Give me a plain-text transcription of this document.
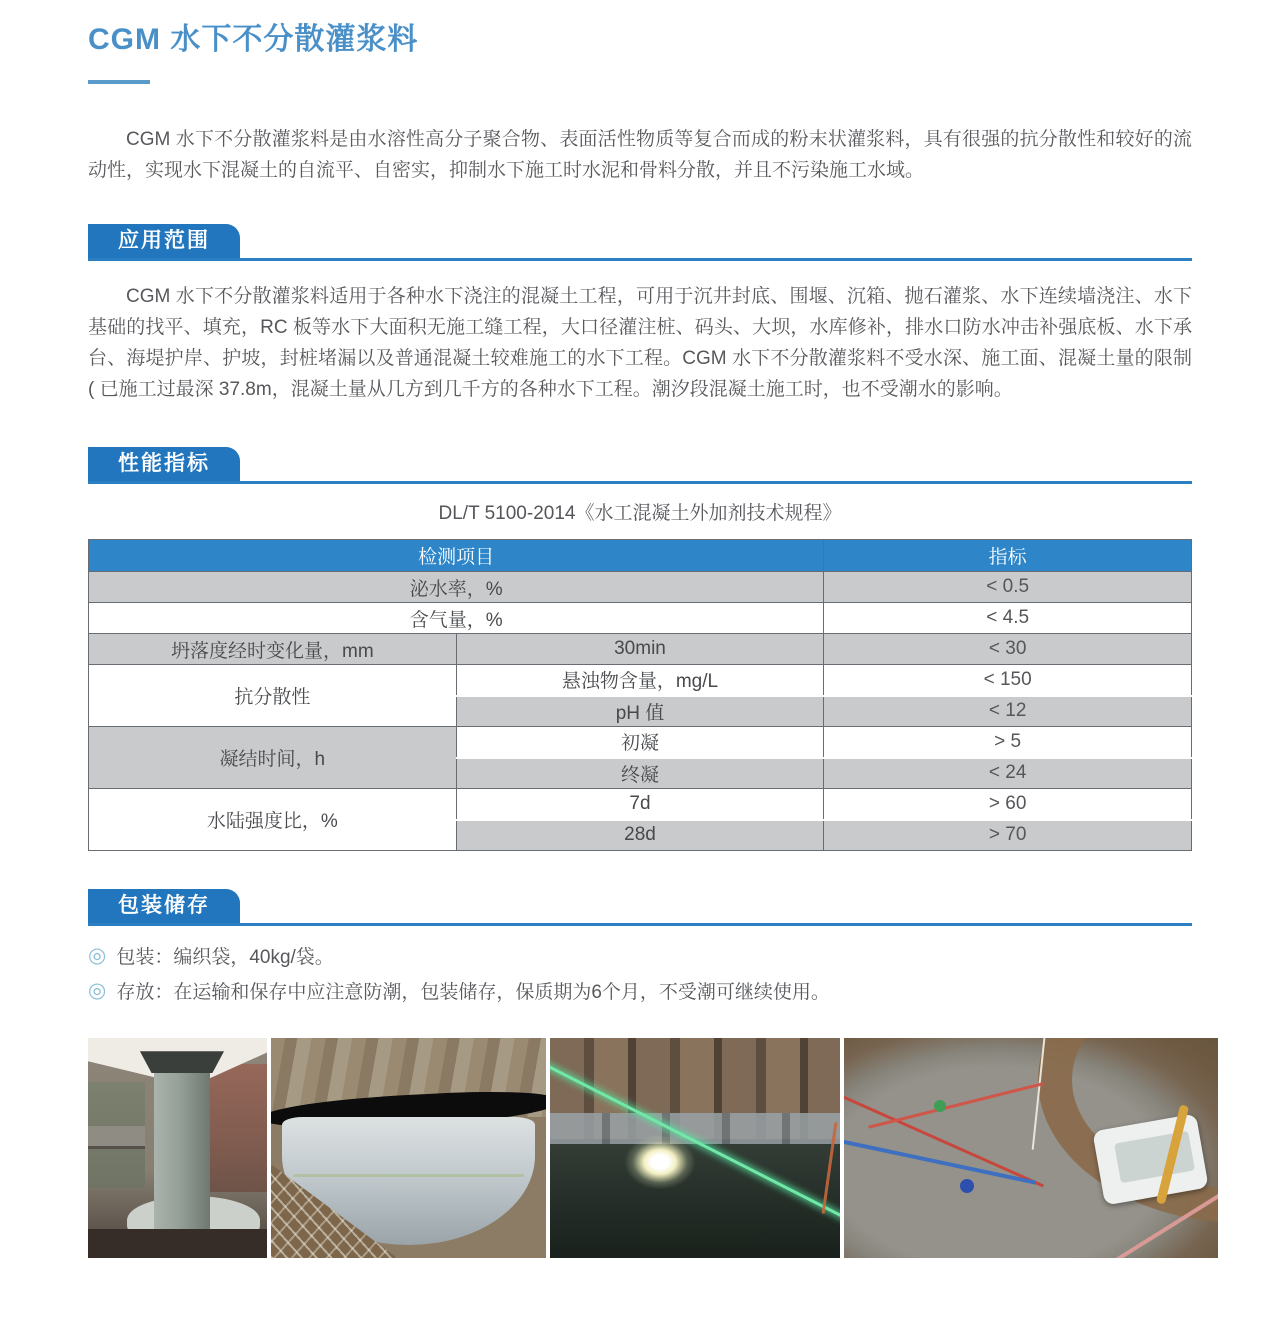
CGM 水下不分散灌浆料

CGM 水下不分散灌浆料是由水溶性高分子聚合物、表面活性物质等复合而成的粉末状灌浆料，具有很强的抗分散性和较好的流动性，实现水下混凝土的自流平、自密实，抑制水下施工时水泥和骨料分散，并且不污染施工水域。

应用范围

CGM 水下不分散灌浆料适用于各种水下浇注的混凝土工程，可用于沉井封底、围堰、沉箱、抛石灌浆、水下连续墙浇注、水下基础的找平、填充，RC 板等水下大面积无施工缝工程，大口径灌注桩、码头、大坝，水库修补，排水口防水冲击补强底板、水下承台、海堤护岸、护坡，封桩堵漏以及普通混凝土较难施工的水下工程。CGM 水下不分散灌浆料不受水深、施工面、混凝土量的限制 ( 已施工过最深 37.8m，混凝土量从几方到几千方的各种水下工程。潮汐段混凝土施工时，也不受潮水的影响。

性能指标
DL/T 5100-2014《水工混凝土外加剂技术规程》
检测项目		指标
泌水率，%		< 0.5
含气量，%		< 4.5
坍落度经时变化量，mm	30min	< 30
抗分散性	悬浊物含量，mg/L	< 150
	pH 值	< 12
凝结时间，h	初凝	> 5
	终凝	< 24
水陆强度比，%	7d	> 60
	28d	> 70
包装储存
◎ 包装：编织袋，40kg/袋。
◎ 存放：在运输和保存中应注意防潮，包装储存，保质期为6个月，不受潮可继续使用。
